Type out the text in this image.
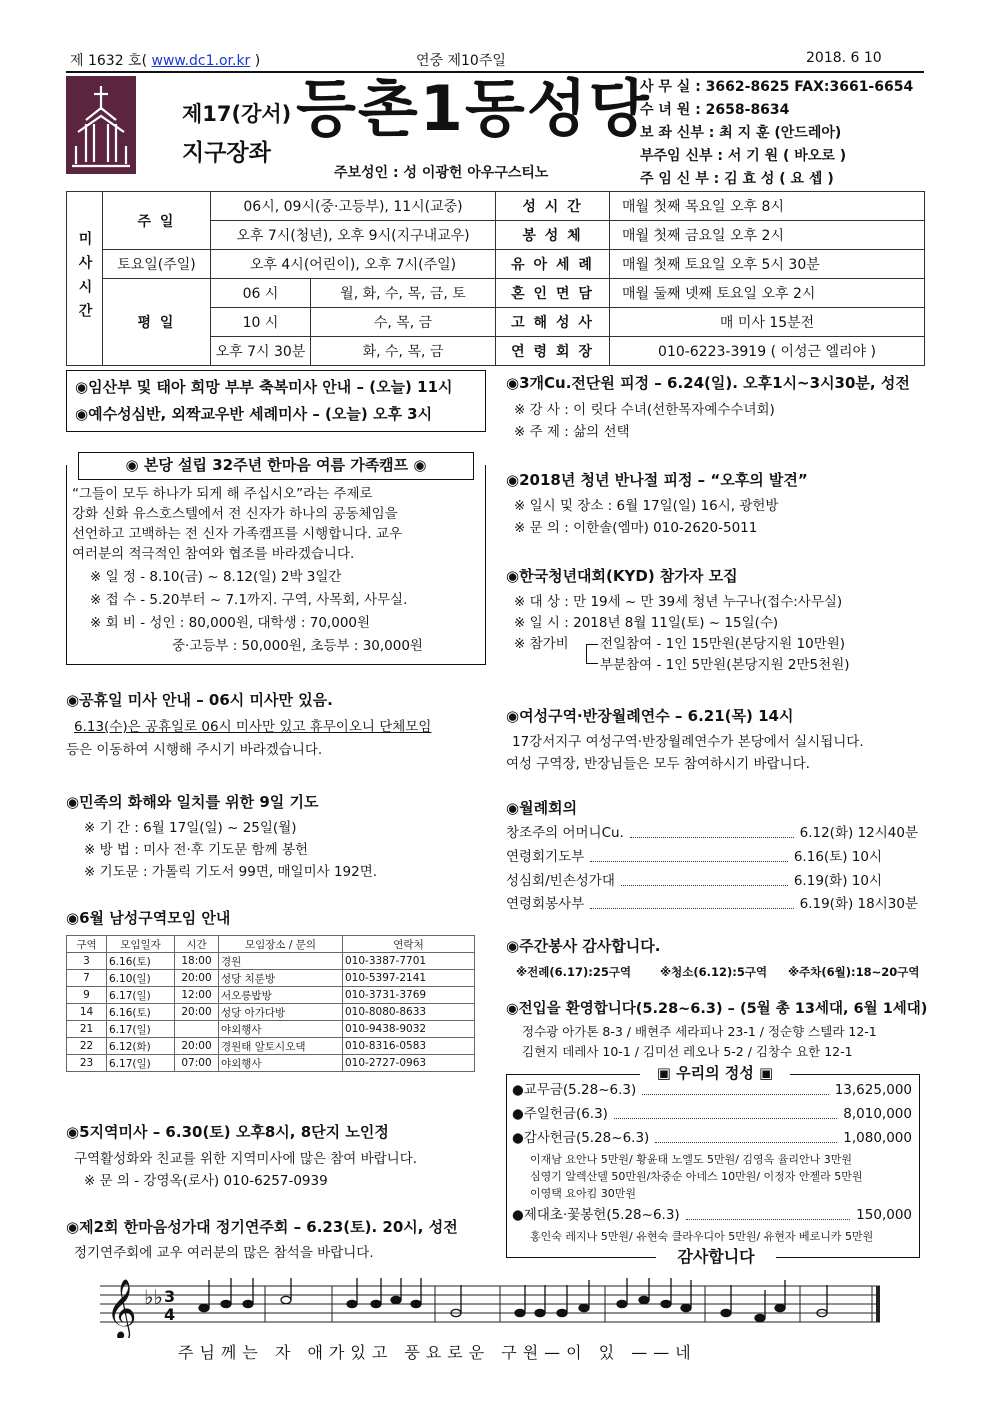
제 1632 호( www.dc1.or.kr )	연중 제10주일	2018. 6 10
제17(강서)
지구장좌
등촌1동성당
주보성인 : 성 이광헌 아우구스티노
사 무 실 : 3662-8625 FAX:3661-6654
수 녀 원 : 2658-8634
보 좌 신부 : 최 지 훈 (안드레아)
부주임 신부 : 서 기 원 ( 바오로 )
주 임 신 부 : 김 효 성 ( 요 셉 )
미사시간	주 일	06시, 09시(중·고등부), 11시(교중)		성 시 간	매월 첫째 목요일 오후 8시
		오후 7시(청년), 오후 9시(지구내교우)		봉 성 체	매월 첫째 금요일 오후 2시
	토요일(주일)	오후 4시(어린이), 오후 7시(주일)		유 아 세 례	매월 첫째 토요일 오후 5시 30분
	평 일	06 시	월, 화, 수, 목, 금, 토	혼 인 면 담	매월 둘째 넷째 토요일 오후 2시
		10 시	수, 목, 금	고 해 성 사	매 미사 15분전
		오후 7시 30분	화, 수, 목, 금	연 령 회 장	010-6223-3919 ( 이성근 엘리야 )
◉ 임산부 및 태아 희망 부부 축복미사 안내 – (오늘) 11시
◉ 예수성심반, 외짝교우반 세례미사 – (오늘) 오후 3시
◉ 본당 설립 32주년 한마음 여름 가족캠프 ◉
“그들이 모두 하나가 되게 해 주십시오”라는 주제로
강화 신화 유스호스텔에서 전 신자가 하나의 공동체임을
선언하고 고백하는 전 신자 가족캠프를 시행합니다. 교우
여러분의 적극적인 참여와 협조를 바라겠습니다.
※ 일 정 - 8.10(금) ~ 8.12(일) 2박 3일간
※ 접 수 - 5.20부터 ~ 7.1까지. 구역, 사목회, 사무실.
※ 회 비 - 성인 : 80,000원, 대학생 : 70,000원
중·고등부 : 50,000원, 초등부 : 30,000원
◉ 공휴일 미사 안내 – 06시 미사만 있음.
6.13(수)은 공휴일로 06시 미사만 있고 휴무이오니 단체모임
등은 이동하여 시행해 주시기 바라겠습니다.
◉ 민족의 화해와 일치를 위한 9일 기도
※ 기 간 : 6월 17일(일) ~ 25일(월)
※ 방 법 : 미사 전·후 기도문 함께 봉헌
※ 기도문 : 가톨릭 기도서 99면, 매일미사 192면.
◉ 6월 남성구역모임 안내
구역	모임일자	시간	모임장소 / 문의	연락처
3	6.16(토)	18:00	경원	010-3387-7701
7	6.10(일)	20:00	성당 치룬방	010-5397-2141
9	6.17(일)	12:00	서오릉밥방	010-3731-3769
14	6.16(토)	20:00	성당 아가다방	010-8080-8633
21	6.17(일)		야외행사	010-9438-9032
22	6.12(화)	20:00	경원태 알토시오댁	010-8316-0583
23	6.17(일)	07:00	야외행사	010-2727-0963
◉ 5지역미사 – 6.30(토) 오후8시, 8단지 노인정
구역활성화와 친교를 위한 지역미사에 많은 참여 바랍니다.
※ 문 의 - 강영옥(로사) 010-6257-0939
◉ 제2회 한마음성가대 정기연주회 – 6.23(토). 20시, 성전
정기연주회에 교우 여러분의 많은 참석을 바랍니다.
◉ 3개Cu.전단원 피정 – 6.24(일). 오후1시~3시30분, 성전
※ 강 사 : 이 릿다 수녀(선한목자예수수녀회)
※ 주 제 : 삶의 선택
◉ 2018년 청년 반나절 피정 – “오후의 발견”
※ 일시 및 장소 : 6월 17일(일) 16시, 광헌방
※ 문 의 : 이한솔(엠마) 010-2620-5011
◉ 한국청년대회(KYD) 참가자 모집
※ 대 상 : 만 19세 ~ 만 39세 청년 누구나(접수:사무실)
※ 일 시 : 2018년 8월 11일(토) ~ 15일(수)
※ 참가비 전일참여 - 1인 15만원(본당지원 10만원)
부분참여 - 1인 5만원(본당지원 2만5천원)
◉ 여성구역·반장월례연수 – 6.21(목) 14시
17강서지구 여성구역·반장월례연수가 본당에서 실시됩니다.
여성 구역장, 반장님들은 모두 참여하시기 바랍니다.
◉ 월례회의
창조주의 어머니Cu.	6.12(화) 12시40분
연령회기도부	6.16(토) 10시
성심회/빈손성가대	6.19(화) 10시
연령회봉사부	6.19(화) 18시30분
◉ 주간봉사 감사합니다.
※전례(6.17):25구역	※청소(6.12):5구역 ※주차(6월):18~20구역
◉ 전입을 환영합니다(5.28~6.3) – (5월 총 13세대, 6월 1세대)
정수광 아가톤 8-3 / 배현주 세라피나 23-1 / 정순향 스텔라 12-1
김현지 데레사 10-1 / 김미선 레오나 5-2 / 김창수 요한 12-1
▣ 우리의 정성 ▣
●교무금(5.28~6.3)	13,625,000
●주일헌금(6.3)	8,010,000
●감사헌금(5.28~6.3)	1,080,000
이재남 요안나 5만원/ 황윤태 노엘도 5만원/ 김영옥 율리안나 3만원
심영기 알렉산델 50만원/차중순 아네스 10만원/ 이정자 안젤라 5만원
이영택 요아킴 30만원
●제대초·꽃봉헌(5.28~6.3)	150,000
홍인숙 레지나 5만원/ 유현숙 클라우디아 5만원/ 유현자 베로니카 5만원
감사합니다
𝄞 ♭♭ 3
4
주님께는 자 애가있고 풍요로운 구원—이 있 ——네
